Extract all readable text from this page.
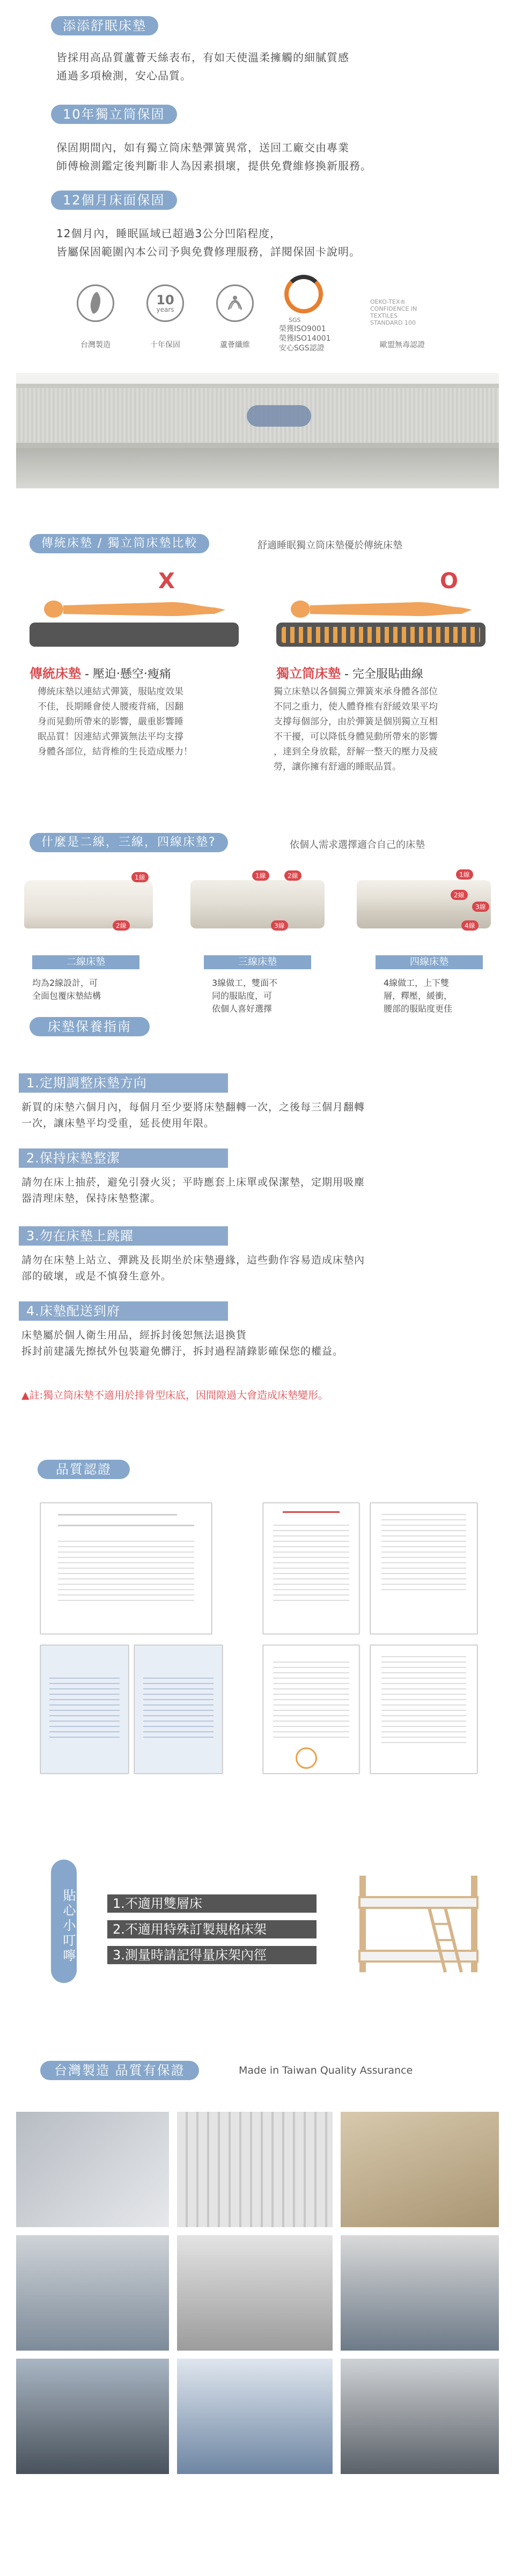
添添舒眠床墊
皆採用高品質蘆薈天絲表布，有如天使溫柔擁觸的細膩質感
通過多項檢測，安心品質。
10年獨立筒保固
保固期間內，如有獨立筒床墊彈簧異常，送回工廠交由專業
師傅檢測鑑定後判斷非人為因素損壞，提供免費維修換新服務。
12個月床面保固
12個月內，睡眠區域已超過3公分凹陷程度，
皆屬保固範圍內本公司予與免費修理服務，詳閱保固卡說明。
台灣製造
10
years
十年保固	蘆薈纖維
SGS
榮獲ISO9001
榮獲ISO14001
安心SGS認證
OEKO-TEX®
CONFIDENCE IN TEXTILES
STANDARD 100
歐盟無毒認證
傳統床墊 / 獨立筒床墊比較	舒適睡眠獨立筒床墊優於傳統床墊
X	O
傳統床墊 - 壓迫‧懸空‧瘦痛
傳統床墊以連結式彈簧，服貼度效果
不佳，長期睡會使人腰痠背痛，因翻
身而晃動所帶來的影響，嚴重影響睡
眠品質！因連結式彈簧無法平均支撐
身體各部位，結背椎的生長造成壓力！
獨立筒床墊 - 完全服貼曲線
獨立床墊以各個獨立彈簧來承身體各部位
不同之重力，使人體脊椎有舒緩效果平均
支撐每個部分，由於彈簧是個別獨立互相
不干擾，可以降低身體晃動所帶來的影響
，達到全身放鬆，舒解一整天的壓力及疲
勞，讓你擁有舒適的睡眠品質。
什麼是二線，三線，四線床墊?	依個人需求選擇適合自己的床墊
1線
2線
1線	2線
3線
1線
2線
3線
4線
二線床墊	三線床墊	四線床墊
均為2線設計，可
全面包覆床墊結構
3線做工，雙面不
同的服貼度，可
依個人喜好選擇
4線做工，上下雙
層，釋壓，緩衝，
腰部的服貼度更佳
床墊保養指南
1.定期調整床墊方向
新買的床墊六個月內，每個月至少要將床墊翻轉一次，之後每三個月翻轉
一次，讓床墊平均受重，延長使用年限。
2.保持床墊整潔
請勿在床上抽菸，避免引發火災；平時應套上床單或保潔墊，定期用吸塵
器清理床墊，保持床墊整潔。
3.勿在床墊上跳躍
請勿在床墊上站立、彈跳及長期坐於床墊邊緣，這些動作容易造成床墊內
部的破壞，或是不慎發生意外。
4.床墊配送到府
床墊屬於個人衛生用品，經拆封後恕無法退換貨
拆封前建議先擦拭外包裝避免髒汙，拆封過程請錄影確保您的權益。
▲註:獨立筒床墊不適用於排骨型床底，因間隙過大會造成床墊變形。
品質認證
貼心小叮嚀	1.不適用雙層床
2.不適用特殊訂製規格床架
3.測量時請記得量床架內徑
台灣製造 品質有保證	Made in Taiwan Quality Assurance
